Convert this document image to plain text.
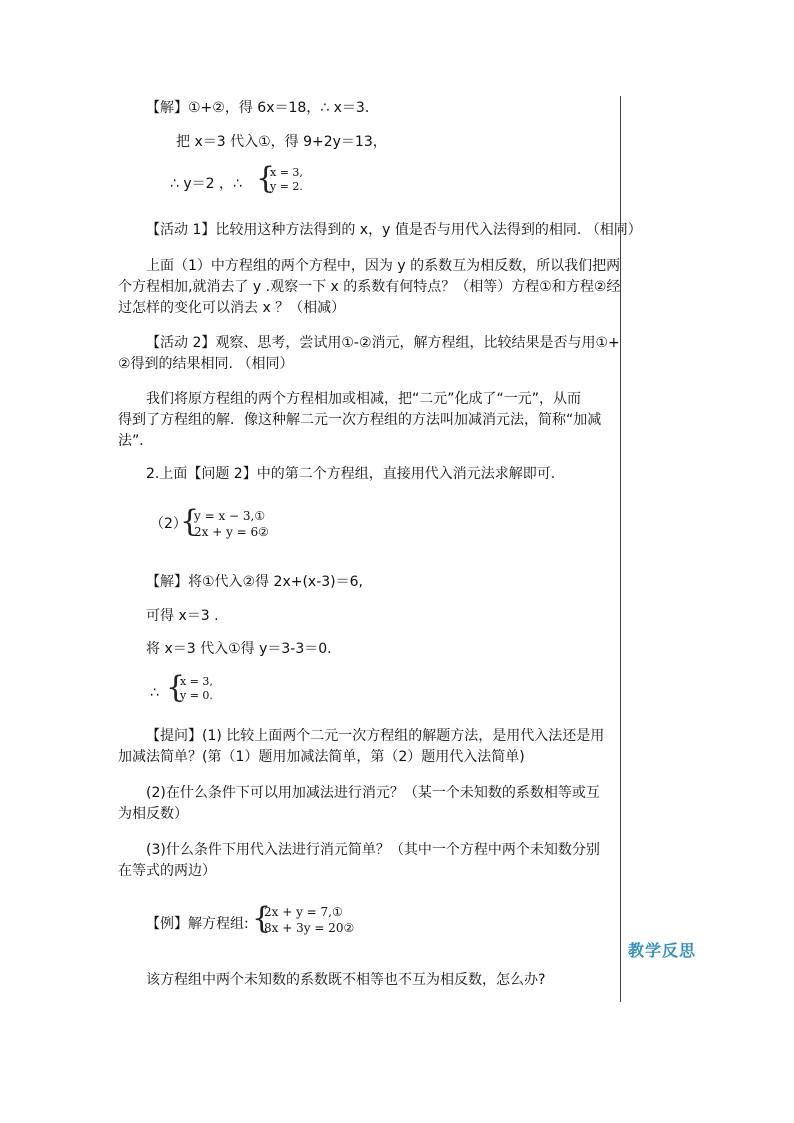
【解】①+②，得 6x＝18，∴ x＝3.
把 x＝3 代入①，得 9+2y＝13，
∴ y＝2 ，∴ {
x = 3,
y = 2.
【活动 1】比较用这种方法得到的 x，y 值是否与用代入法得到的相同. （相同）
上面（1）中方程组的两个方程中，因为 y 的系数互为相反数，所以我们把两
个方程相加,就消去了 y .观察一下 x 的系数有何特点？（相等）方程①和方程②经
过怎样的变化可以消去 x ？（相减）
【活动 2】观察、思考，尝试用①-②消元，解方程组，比较结果是否与用①+
②得到的结果相同. （相同）
我们将原方程组的两个方程相加或相减，把“二元”化成了“一元”，从而
得到了方程组的解．像这种解二元一次方程组的方法叫加减消元法，简称“加减
法”．
2.上面【问题 2】中的第二个方程组，直接用代入消元法求解即可.
（2）
{
y = x − 3,①
2x + y = 6②
【解】将①代入②得 2x+(x-3)＝6,
可得 x＝3 .
将 x＝3 代入①得 y＝3-3＝0.
∴ {
x = 3,
y = 0.
【提问】(1) 比较上面两个二元一次方程组的解题方法，是用代入法还是用
加减法简单？(第（1）题用加减法简单，第（2）题用代入法简单)
(2)在什么条件下可以用加减法进行消元？（某一个未知数的系数相等或互
为相反数）
(3)什么条件下用代入法进行消元简单？（其中一个方程中两个未知数分别
在等式的两边）
【例】解方程组: {
2x + y = 7,①
8x + 3y = 20②
该方程组中两个未知数的系数既不相等也不互为相反数，怎么办?
教学反思
